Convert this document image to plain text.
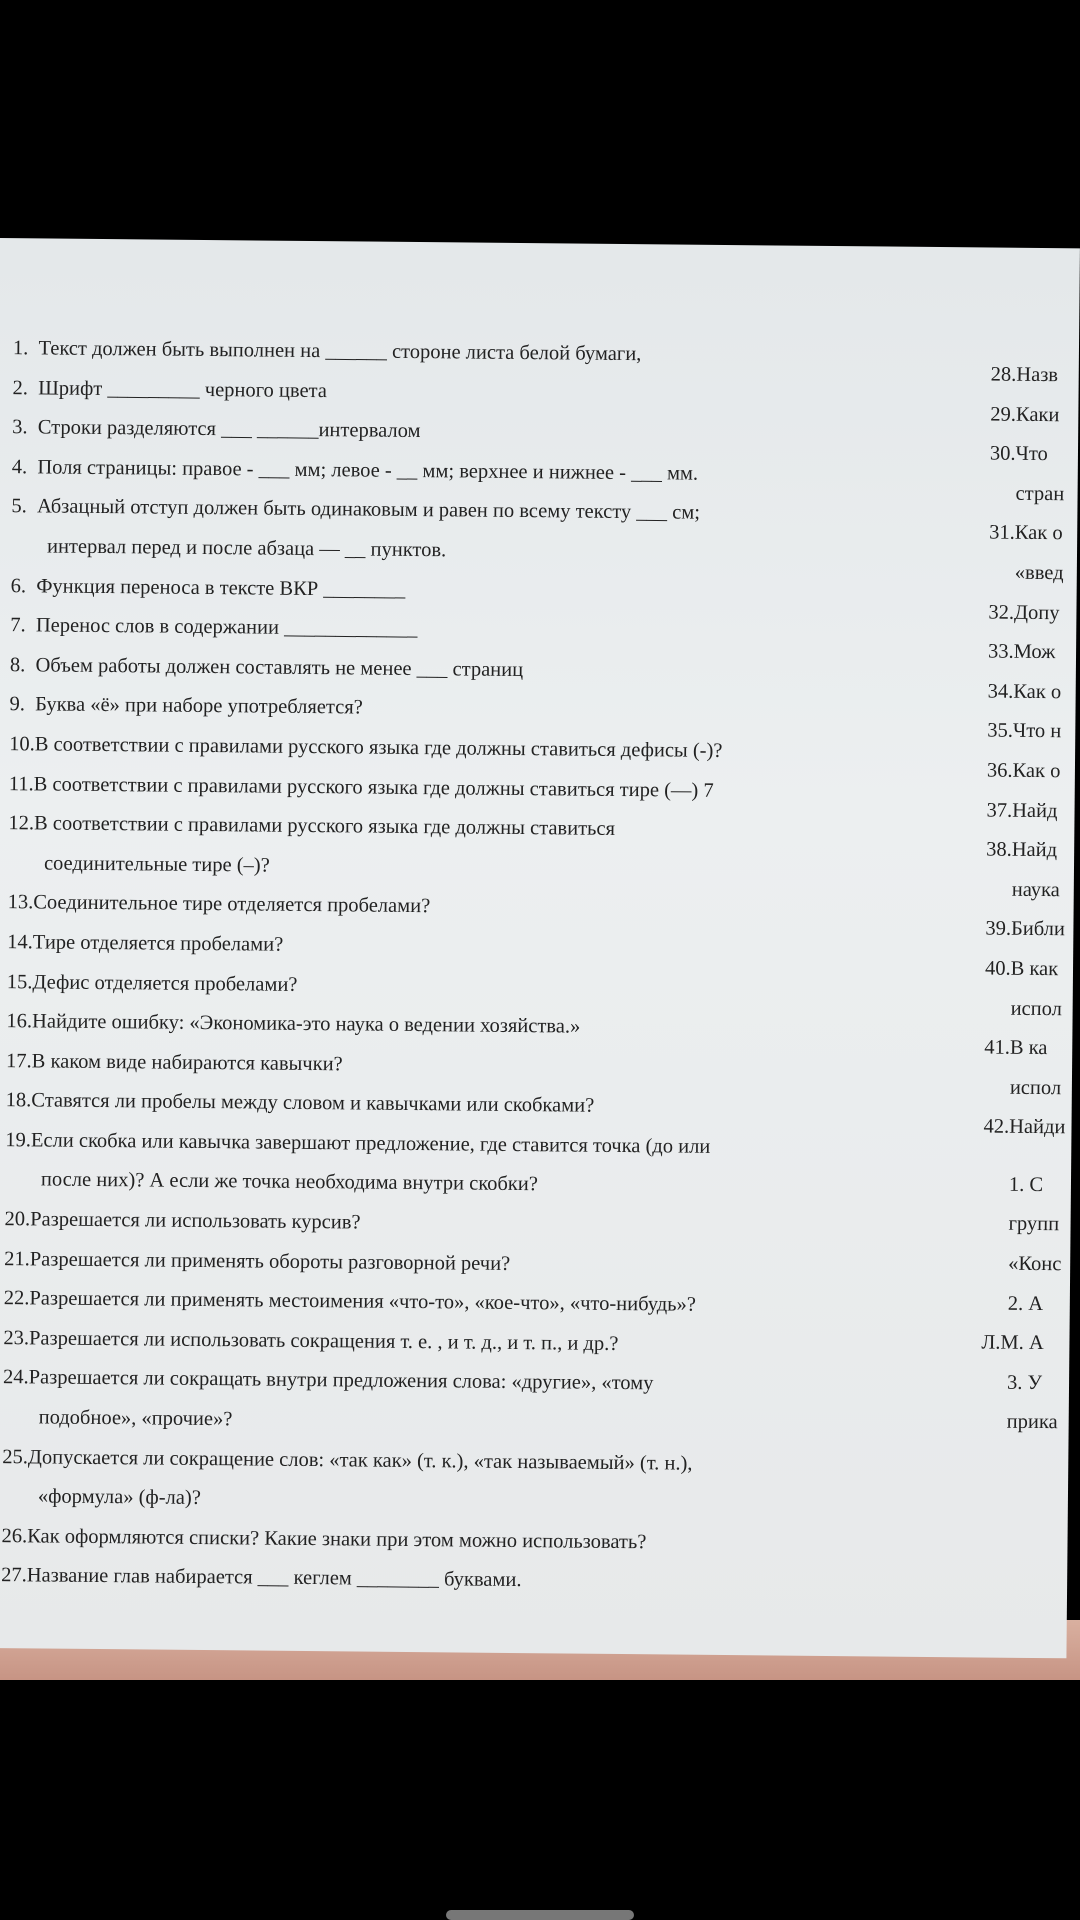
1. Текст должен быть выполнен на ______ стороне листа белой бумаги,

2. Шрифт _________ черного цвета

3. Строки разделяются ___ ______интервалом

4. Поля страницы: правое - ___ мм; левое - __ мм; верхнее и нижнее - ___ мм.

5. Абзацный отступ должен быть одинаковым и равен по всему тексту ___ см;

интервал перед и после абзаца — __ пунктов.

6. Функция переноса в тексте ВКР ________

7. Перенос слов в содержании _____________

8. Объем работы должен составлять не менее ___ страниц

9. Буква «ё» при наборе употребляется?

10.В соответствии с правилами русского языка где должны ставиться дефисы (-)?

11.В соответствии с правилами русского языка где должны ставиться тире (—) 7

12.В соответствии с правилами русского языка где должны ставиться

соединительные тире (–)?

13.Соединительное тире отделяется пробелами?

14.Тире отделяется пробелами?

15.Дефис отделяется пробелами?

16.Найдите ошибку: «Экономика-это наука о ведении хозяйства.»

17.В каком виде набираются кавычки?

18.Ставятся ли пробелы между словом и кавычками или скобками?

19.Если скобка или кавычка завершают предложение, где ставится точка (до или

после них)? А если же точка необходима внутри скобки?

20.Разрешается ли использовать курсив?

21.Разрешается ли применять обороты разговорной речи?

22.Разрешается ли применять местоимения «что-то», «кое-что», «что-нибудь»?

23.Разрешается ли использовать сокращения т. е. , и т. д., и т. п., и др.?

24.Разрешается ли сокращать внутри предложения слова: «другие», «тому

подобное», «прочие»?

25.Допускается ли сокращение слов: «так как» (т. к.), «так называемый» (т. н.),

«формула» (ф-ла)?

26.Как оформляются списки? Какие знаки при этом можно использовать?

27.Название глав набирается ___ кеглем ________ буквами.

28.Назв

29.Каки

30.Что

стран

31.Как о

«введ

32.Допу

33.Мож

34.Как о

35.Что н

36.Как о

37.Найд

38.Найд

наука

39.Библи

40.В как

испол

41.В ка

испол

42.Найди

1. С

групп

«Конс

2. А

Л.М. А

3. У

прика
